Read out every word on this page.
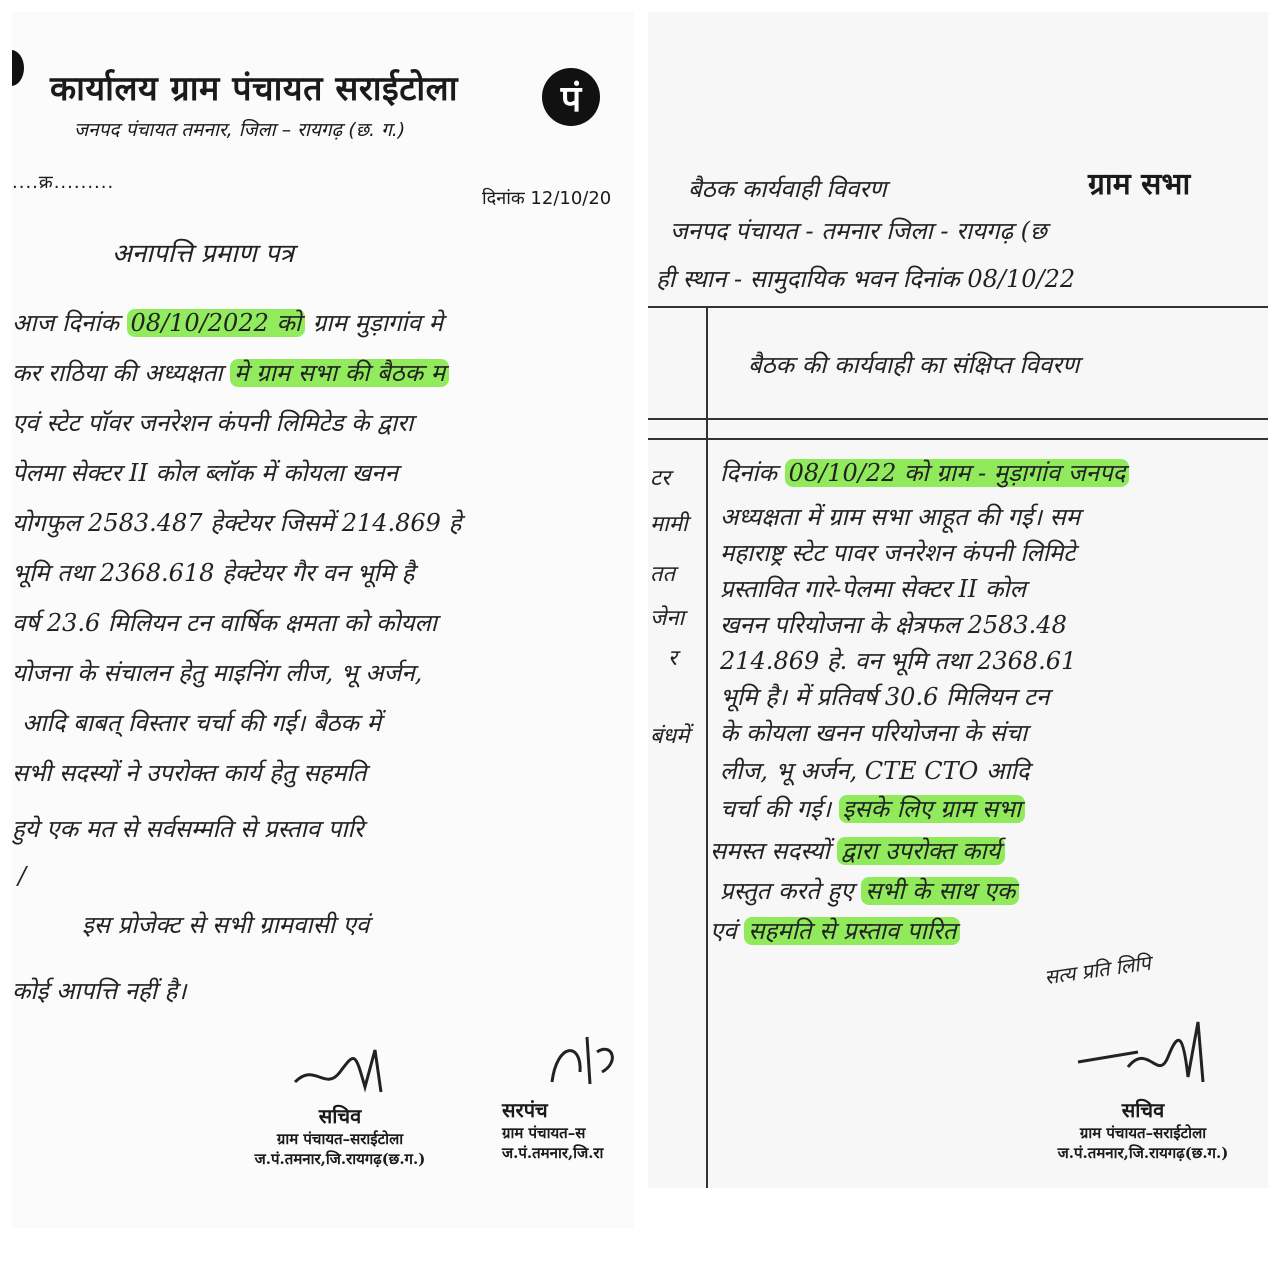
कार्यालय ग्राम पंचायत सराईटोला
जनपद पंचायत तमनार, जिला – रायगढ़ (छ. ग.)
पं
....क्र.........
दिनांक 12/10/20
अनापत्ति प्रमाण पत्र
आज दिनांक 08/10/2022 को ग्राम मुड़ागांव मे
कर राठिया की अध्यक्षता मे ग्राम सभा की बैठक म
एवं स्टेट पॉवर जनरेशन कंपनी लिमिटेड के द्वारा
पेलमा सेक्टर II कोल ब्लॉक में कोयला खनन
योगफुल 2583.487 हेक्टेयर जिसमें 214.869 हे
भूमि तथा 2368.618 हेक्टेयर गैर वन भूमि है
वर्ष 23.6 मिलियन टन वार्षिक क्षमता को कोयला
योजना के संचालन हेतु माइनिंग लीज, भू अर्जन,
आदि बाबत् विस्तार चर्चा की गई। बैठक में
सभी सदस्यों ने उपरोक्त कार्य हेतु सहमति
हुये एक मत से सर्वसम्मति से प्रस्ताव पारि
/
इस प्रोजेक्ट से सभी ग्रामवासी एवं
कोई आपत्ति नहीं है।
सचिव
ग्राम पंचायत–सराईटोला
ज.पं.तमनार,जि.रायगढ़(छ.ग.)
सरपंच
ग्राम पंचायत–स
ज.पं.तमनार,जि.रा
बैठक कार्यवाही विवरण	ग्राम सभा
जनपद पंचायत - तमनार जिला - रायगढ़ (छ
ही स्थान - सामुदायिक भवन दिनांक 08/10/22
बैठक की कार्यवाही का संक्षिप्त विवरण
टर
मामी
तत
जेना
र
बंधमें
दिनांक 08/10/22 को ग्राम - मुड़ागांव जनपद
अध्यक्षता में ग्राम सभा आहूत की गई। सम
महाराष्ट्र स्टेट पावर जनरेशन कंपनी लिमिटे
प्रस्तावित गारे-पेलमा सेक्टर II कोल
खनन परियोजना के क्षेत्रफल 2583.48
214.869 हे. वन भूमि तथा 2368.61
भूमि है। में प्रतिवर्ष 30.6 मिलियन टन
के कोयला खनन परियोजना के संचा
लीज, भू अर्जन, CTE CTO आदि
चर्चा की गई। इसके लिए ग्राम सभा
समस्त सदस्यों द्वारा उपरोक्त कार्य
प्रस्तुत करते हुए सभी के साथ एक
एवं सहमति से प्रस्ताव पारित
सत्य प्रति लिपि
सचिव
ग्राम पंचायत–सराईटोला
ज.पं.तमनार,जि.रायगढ़(छ.ग.)
